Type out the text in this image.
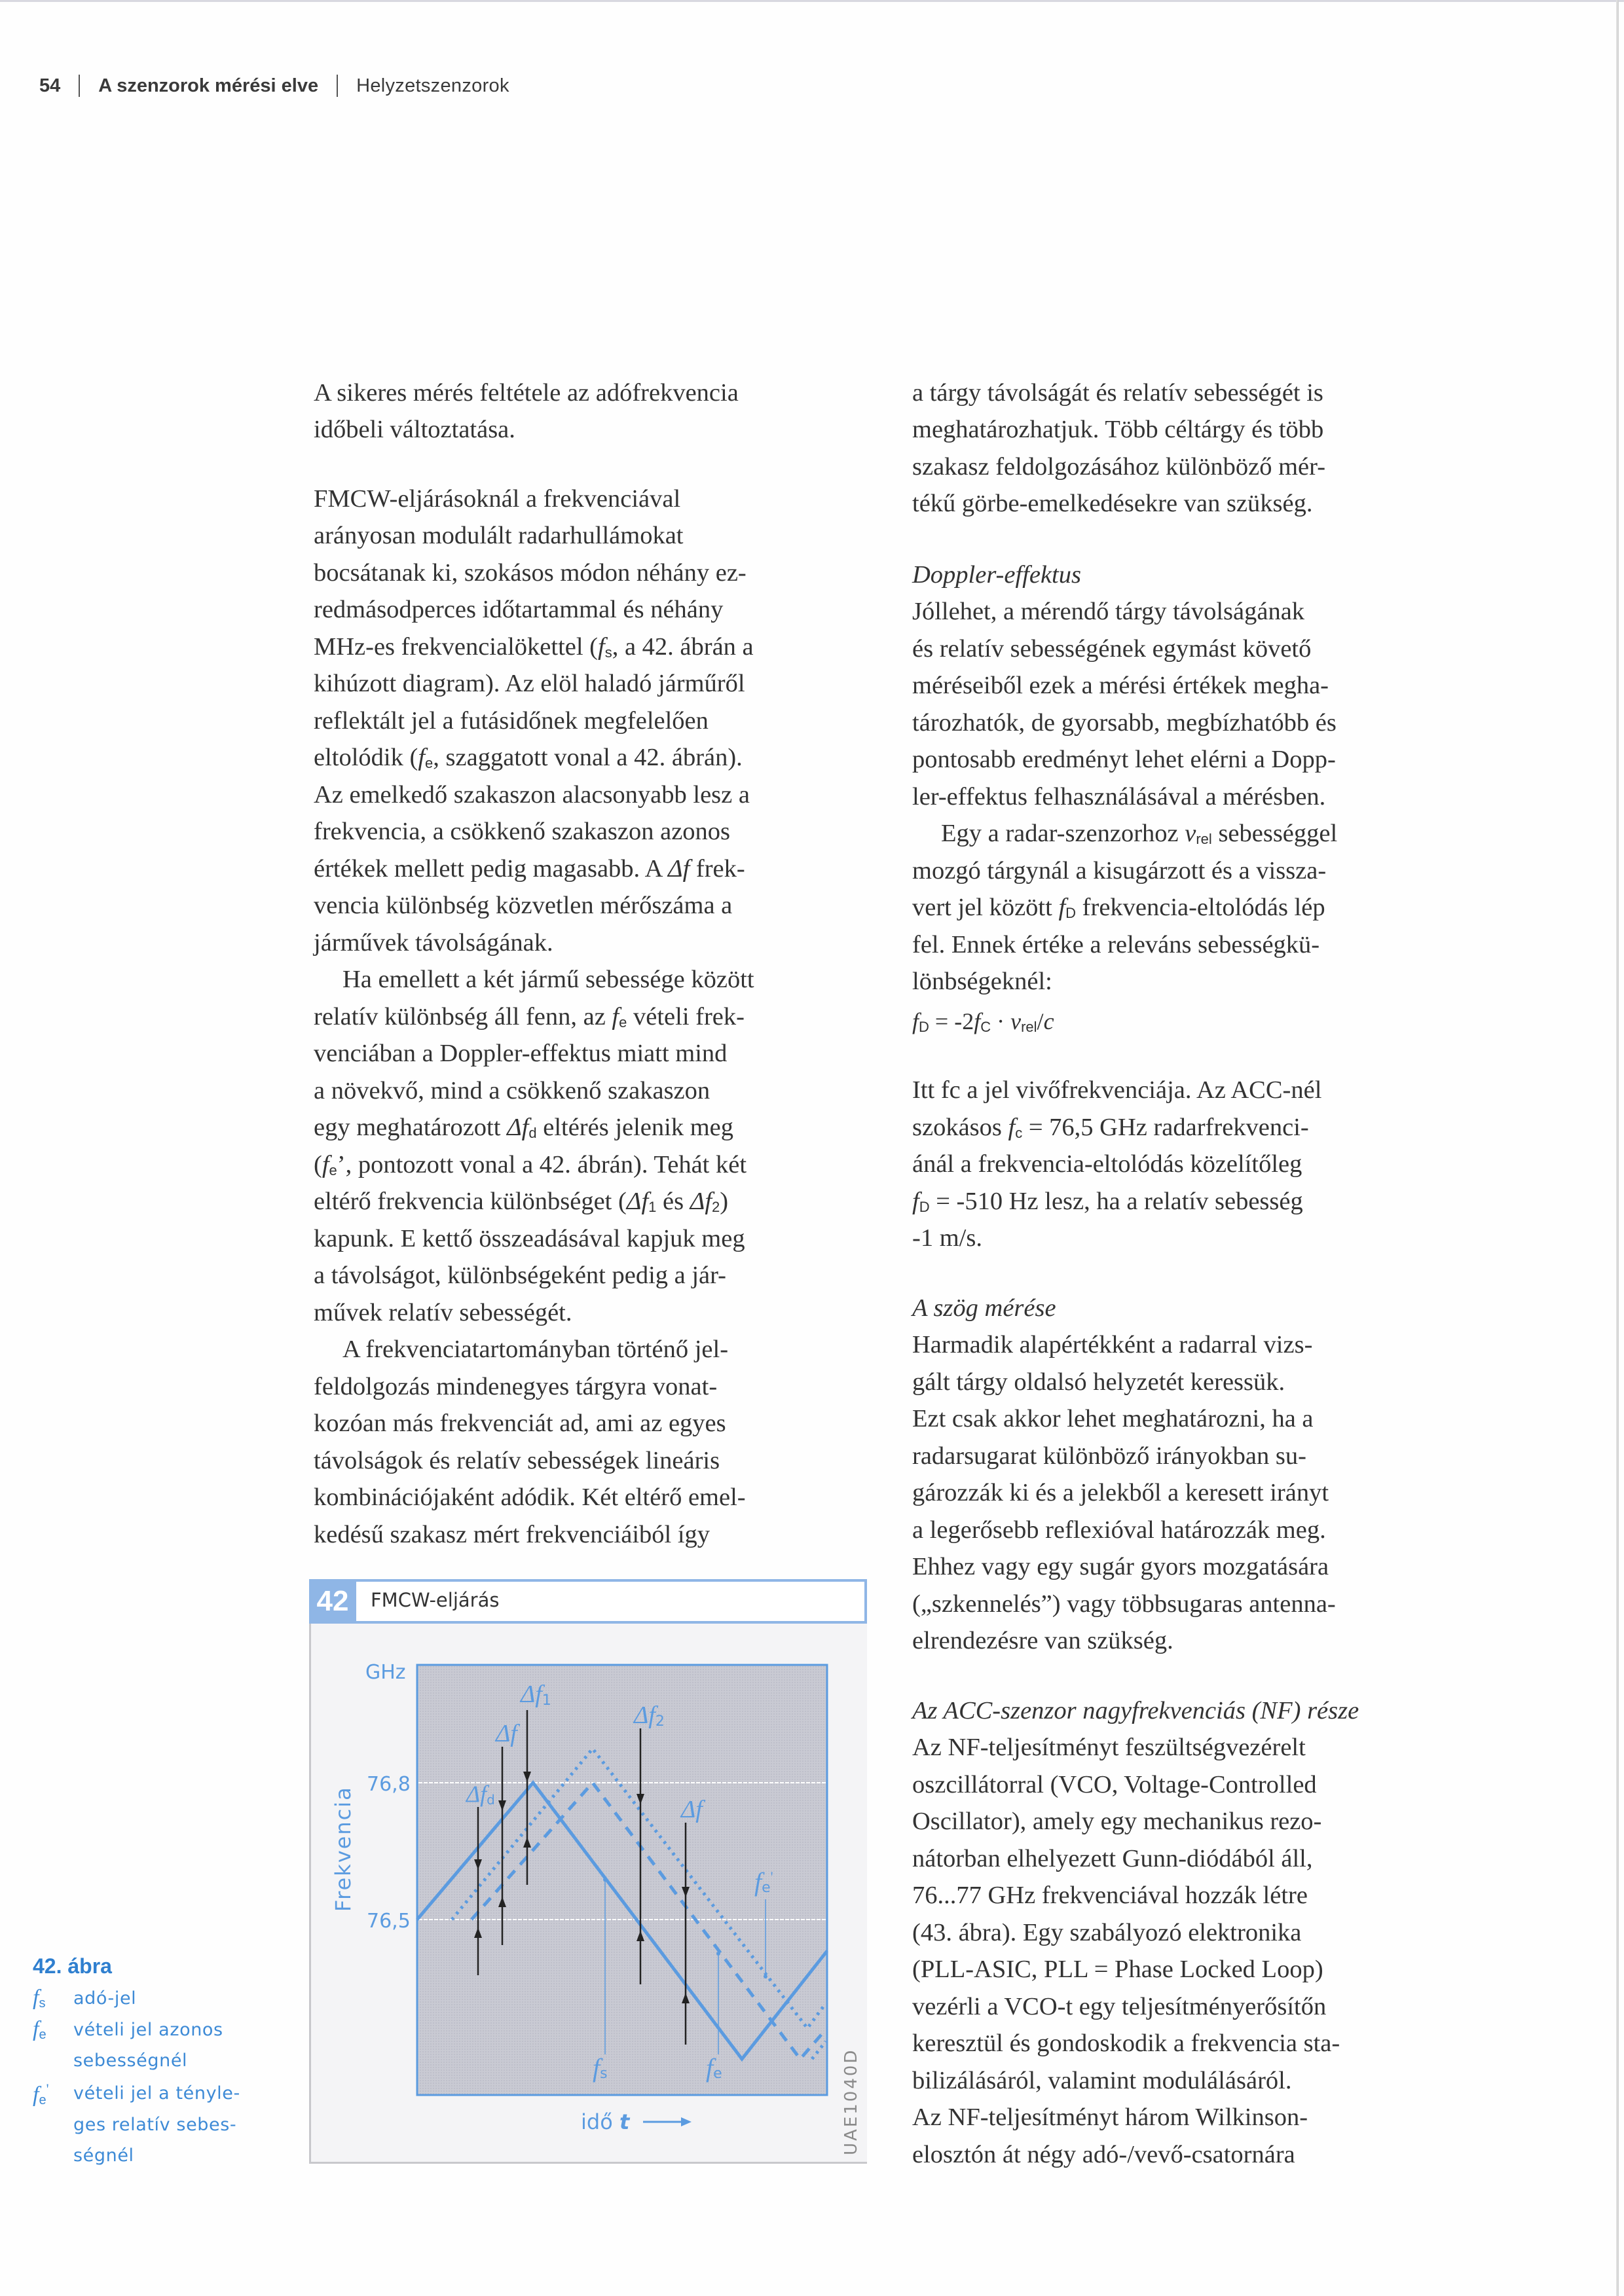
54 A szenzorok mérési elve Helyzetszenzorok
A sikeres mérés feltétele az adófrekvencia
időbeli változtatása.
FMCW-eljárásoknál a frekvenciával
arányosan modulált radarhullámokat
bocsátanak ki, szokásos módon néhány ez-
redmásodperces időtartammal és néhány
MHz-es frekvencialökettel ($f_s$, a 42. ábrán a
kihúzott diagram). Az elöl haladó járműről
reflektált jel a futásidőnek megfelelően
eltolódik ($f_e$, szaggatott vonal a 42. ábrán).
Az emelkedő szakaszon alacsonyabb lesz a
frekvencia, a csökkenő szakaszon azonos
értékek mellett pedig magasabb. A Δf frek-
vencia különbség közvetlen mérőszáma a
járművek távolságának.
Ha emellett a két jármű sebessége között
relatív különbség áll fenn, az $f_e$ vételi frek-
venciában a Doppler-effektus miatt mind
a növekvő, mind a csökkenő szakaszon
egy meghatározott $\Delta f_d$ eltérés jelenik meg
($f_e$’, pontozott vonal a 42. ábrán). Tehát két
eltérő frekvencia különbséget ($\Delta f_1$ és $\Delta f_2$)
kapunk. E kettő összeadásával kapjuk meg
a távolságot, különbségeként pedig a jár-
művek relatív sebességét.
A frekvenciatartományban történő jel-
feldolgozás mindenegyes tárgyra vonat-
kozóan más frekvenciát ad, ami az egyes
távolságok és relatív sebességek lineáris
kombinációjaként adódik. Két eltérő emel-
kedésű szakasz mért frekvenciáiból így
a tárgy távolságát és relatív sebességét is
meghatározhatjuk. Több céltárgy és több
szakasz feldolgozásához különböző mér-
tékű görbe-emelkedésekre van szükség.
Doppler-effektus
Jóllehet, a mérendő tárgy távolságának
és relatív sebességének egymást követő
méréseiből ezek a mérési értékek megha-
tározhatók, de gyorsabb, megbízhatóbb és
pontosabb eredményt lehet elérni a Dopp-
ler-effektus felhasználásával a mérésben.
Egy a radar-szenzorhoz $v_{rel}$ sebességgel
mozgó tárgynál a kisugárzott és a vissza-
vert jel között $f_D$ frekvencia-eltolódás lép
fel. Ennek értéke a releváns sebességkü-
lönbségeknél:
$f_D = -2f_C \cdot v_{rel}/c$
Itt fc a jel vivőfrekvenciája. Az ACC-nél
szokásos $f_c = 76,5$ GHz radarfrekvenci-
ánál a frekvencia-eltolódás közelítőleg
$f_D = -510$ Hz lesz, ha a relatív sebesség
-1 m/s.
A szög mérése
Harmadik alapértékként a radarral vizs-
gált tárgy oldalsó helyzetét keressük.
Ezt csak akkor lehet meghatározni, ha a
radarsugarat különböző irányokban su-
gározzák ki és a jelekből a keresett irányt
a legerősebb reflexióval határozzák meg.
Ehhez vagy egy sugár gyors mozgatására
(„szkennelés”) vagy többsugaras antenna-
elrendezésre van szükség.
Az ACC-szenzor nagyfrekvenciás (NF) része
Az NF-teljesítményt feszültségvezérelt
oszcillátorral (VCO, Voltage-Controlled
Oscillator), amely egy mechanikus rezo-
nátorban elhelyezett Gunn-diódából áll,
76...77 GHz frekvenciával hozzák létre
(43. ábra). Egy szabályozó elektronika
(PLL-ASIC, PLL = Phase Locked Loop)
vezérli a VCO-t egy teljesítményerősítőn
keresztül és gondoskodik a frekvencia sta-
bilizálásáról, valamint modulálásáról.
Az NF-teljesítményt három Wilkinson-
elosztón át négy adó-/vevő-csatornára
42. ábra
$f_s$ adó-jel
$f_e$ vételi jel azonos
sebességnél
$f_e'$ vételi jel a tényle-
ges relatív sebes-
ségnél
42	FMCW-eljárás
GHz
76,8
76,5
Frekvencia
idő t	UAE1040D
fs	fe
fe'
Δf1
Δf
Δfd
Δf2
Δf
